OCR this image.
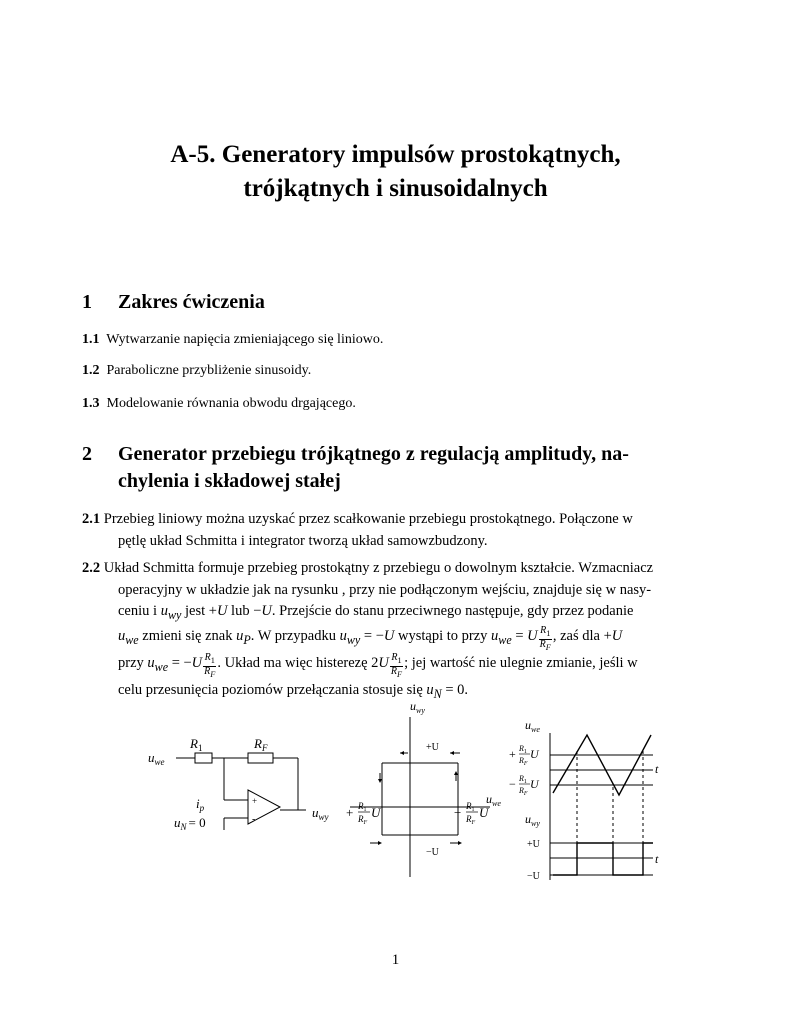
A-5. Generatory impulsów prostokątnych,
trójkątnych i sinusoidalnych
1 Zakres ćwiczenia
1.1 Wytwarzanie napięcia zmieniającego się liniowo.
1.2 Paraboliczne przybliżenie sinusoidy.
1.3 Modelowanie równania obwodu drgającego.
2 Generator przebiegu trójkątnego z regulacją amplitudy, na-
chylenia i składowej stałej
2.1 Przebieg liniowy można uzyskać przez scałkowanie przebiegu prostokątnego. Połączone w
pętlę układ Schmitta i integrator tworzą układ samowzbudzony.
2.2 Układ Schmitta formuje przebieg prostokątny z przebiegu o dowolnym kształcie. Wzmacniacz
operacyjny w układzie jak na rysunku , przy nie podłączonym wejściu, znajduje się w nasy-
ceniu i $u_{wy}$ jest +U lub −U. Przejście do stanu przeciwnego następuje, gdy przez podanie
$u_{we}$ zmieni się znak $u_P$. W przypadku $u_{wy} = -U$ wystąpi to przy $u_{we} = U \frac{R_1}{R_F}$ , zaś dla +U
przy $u_{we} = -U \frac{R_1}{R_F}$ . Układ ma więc histerezę $2U \frac{R_1}{R_F}$ ; jej wartość nie ulegnie zmianie, jeśli w
celu przesunięcia poziomów przełączania stosuje się $u_N = 0$.
$u_{we}$
$R_1$	$R_F$
+
-
$i_p$
$u_N = 0$
$u_{wy}$
$u_{wy}$
+U
−U
$u_{we}$
+ $R_1$
$R_F$
U	− $R_1$
$R_F$
U
$u_{we}$
+ $R_1$
$R_F$
U
− $R_1$
$R_F$
U
t
$u_{wy}$
+U
−U
t
1
